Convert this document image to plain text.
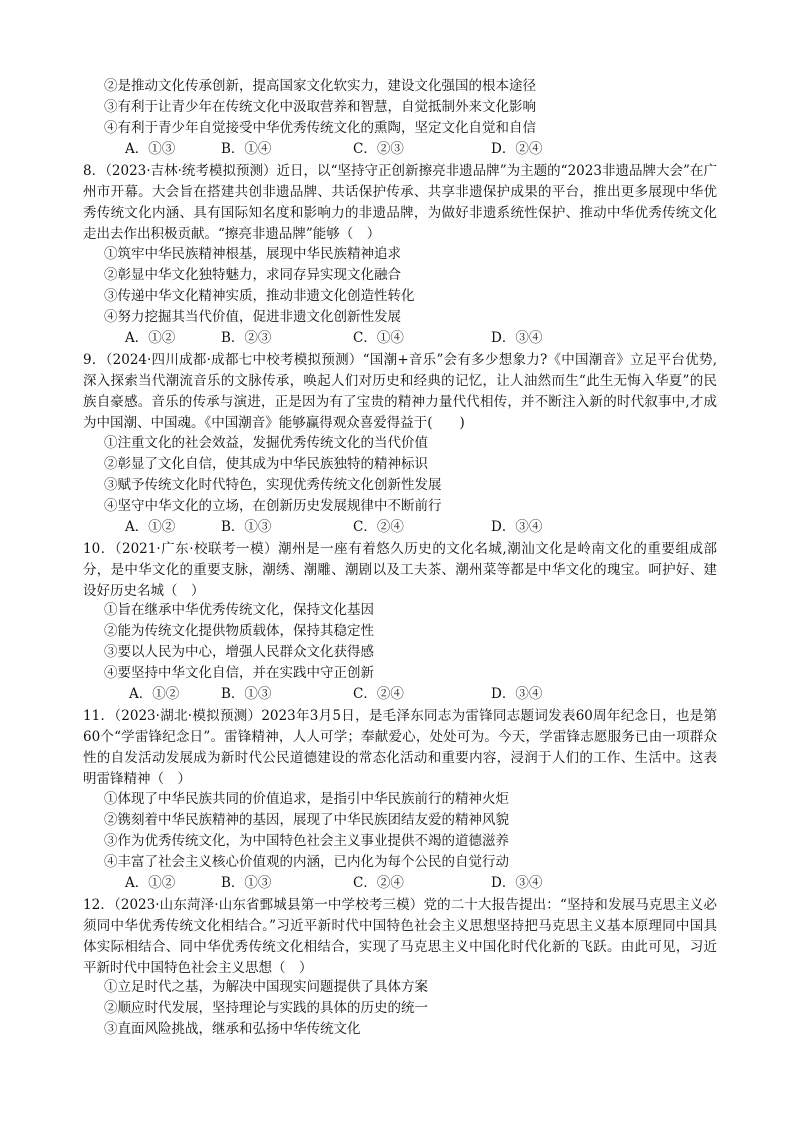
②是推动文化传承创新，提高国家文化软实力，建设文化强国的根本途径
③有利于让青少年在传统文化中汲取营养和智慧，自觉抵制外来文化影响
④有利于青少年自觉接受中华优秀传统文化的熏陶，坚定文化自觉和自信
A．①③	B．①④	C．②③	D．②④
8．（2023·吉林·统考模拟预测）近日，以“坚持守正创新擦亮非遗品牌”为主题的“2023非遗品牌大会”在广州市开幕。大会旨在搭建共创非遗品牌、共话保护传承、共享非遗保护成果的平台，推出更多展现中华优秀传统文化内涵、具有国际知名度和影响力的非遗品牌，为做好非遗系统性保护、推动中华优秀传统文化走出去作出积极贡献。“擦亮非遗品牌”能够（　）
①筑牢中华民族精神根基，展现中华民族精神追求
②彰显中华文化独特魅力，求同存异实现文化融合
③传递中华文化精神实质，推动非遗文化创造性转化
④努力挖掘其当代价值，促进非遗文化创新性发展
A．①②	B．②③	C．①④	D．③④
9．（2024·四川成都·成都七中校考模拟预测）“国潮+音乐”会有多少想象力?《中国潮音》立足平台优势,深入探索当代潮流音乐的文脉传承，唤起人们对历史和经典的记忆，让人油然而生“此生无悔入华夏”的民族自豪感。音乐的传承与演进，正是因为有了宝贵的精神力量代代相传，并不断注入新的时代叙事中,才成为中国潮、中国魂。《中国潮音》能够赢得观众喜爱得益于(　　)
①注重文化的社会效益，发掘优秀传统文化的当代价值
②彰显了文化自信，使其成为中华民族独特的精神标识
③赋予传统文化时代特色，实现优秀传统文化创新性发展
④坚守中华文化的立场，在创新历史发展规律中不断前行
A．①②	B．①③	C．②④	D．③④
10．（2021·广东·校联考一模）潮州是一座有着悠久历史的文化名城,潮汕文化是岭南文化的重要组成部分，是中华文化的重要支脉，潮绣、潮雕、潮剧以及工夫茶、潮州菜等都是中华文化的瑰宝。呵护好、建设好历史名城（　）
①旨在继承中华优秀传统文化，保持文化基因
②能为传统文化提供物质载体，保持其稳定性
③要以人民为中心，增强人民群众文化获得感
④要坚持中华文化自信，并在实践中守正创新
A．①②	B．①③	C．②④	D．③④
11．（2023·湖北·模拟预测）2023年3月5日，是毛泽东同志为雷锋同志题词发表60周年纪念日，也是第60个“学雷锋纪念日”。雷锋精神，人人可学；奉献爱心，处处可为。今天，学雷锋志愿服务已由一项群众性的自发活动发展成为新时代公民道德建设的常态化活动和重要内容，浸润于人们的工作、生活中。这表明雷锋精神（　）
①体现了中华民族共同的价值追求，是指引中华民族前行的精神火炬
②镌刻着中华民族精神的基因，展现了中华民族团结友爱的精神风貌
③作为优秀传统文化，为中国特色社会主义事业提供不竭的道德滋养
④丰富了社会主义核心价值观的内涵，已内化为每个公民的自觉行动
A．①②	B．①③	C．②④	D．③④
12．（2023·山东菏泽·山东省鄄城县第一中学校考三模）党的二十大报告提出：“坚持和发展马克思主义必须同中华优秀传统文化相结合。”习近平新时代中国特色社会主义思想坚持把马克思主义基本原理同中国具体实际相结合、同中华优秀传统文化相结合，实现了马克思主义中国化时代化新的飞跃。由此可见，习近平新时代中国特色社会主义思想（　）
①立足时代之基，为解决中国现实问题提供了具体方案
②顺应时代发展，坚持理论与实践的具体的历史的统一
③直面风险挑战，继承和弘扬中华传统文化
